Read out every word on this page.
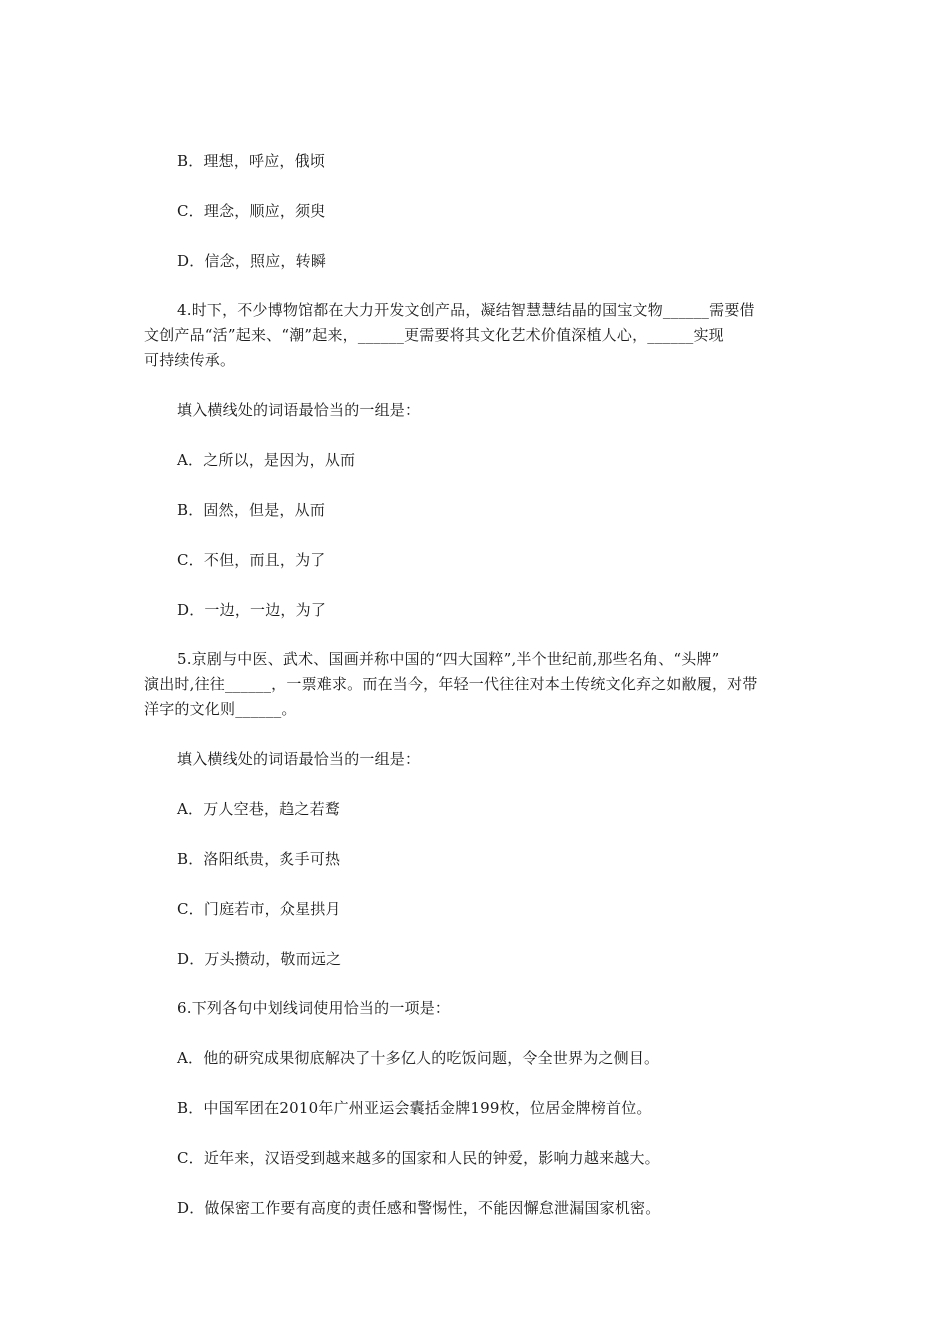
B．理想，呼应，俄顷
C．理念，顺应，须臾
D．信念，照应，转瞬
4.时下，不少博物馆都在大力开发文创产品，凝结智慧慧结晶的国宝文物______需要借
文创产品“活”起来、“潮”起来，______更需要将其文化艺术价值深植人心，______实现
可持续传承。
填入横线处的词语最恰当的一组是：
A．之所以，是因为，从而
B．固然，但是，从而
C．不但，而且，为了
D．一边，一边，为了
5.京剧与中医、武术、国画并称中国的“四大国粹”,半个世纪前,那些名角、“头牌”
演出时,往往______，一票难求。而在当今，年轻一代往往对本土传统文化弃之如敝履，对带
洋字的文化则______。
填入横线处的词语最恰当的一组是：
A．万人空巷，趋之若鹜
B．洛阳纸贵，炙手可热
C．门庭若市，众星拱月
D．万头攒动，敬而远之
6.下列各句中划线词使用恰当的一项是：
A．他的研究成果彻底解决了十多亿人的吃饭问题，令全世界为之侧目。
B．中国军团在2010年广州亚运会囊括金牌199枚，位居金牌榜首位。
C．近年来，汉语受到越来越多的国家和人民的钟爱，影响力越来越大。
D．做保密工作要有高度的责任感和警惕性，不能因懈怠泄漏国家机密。
